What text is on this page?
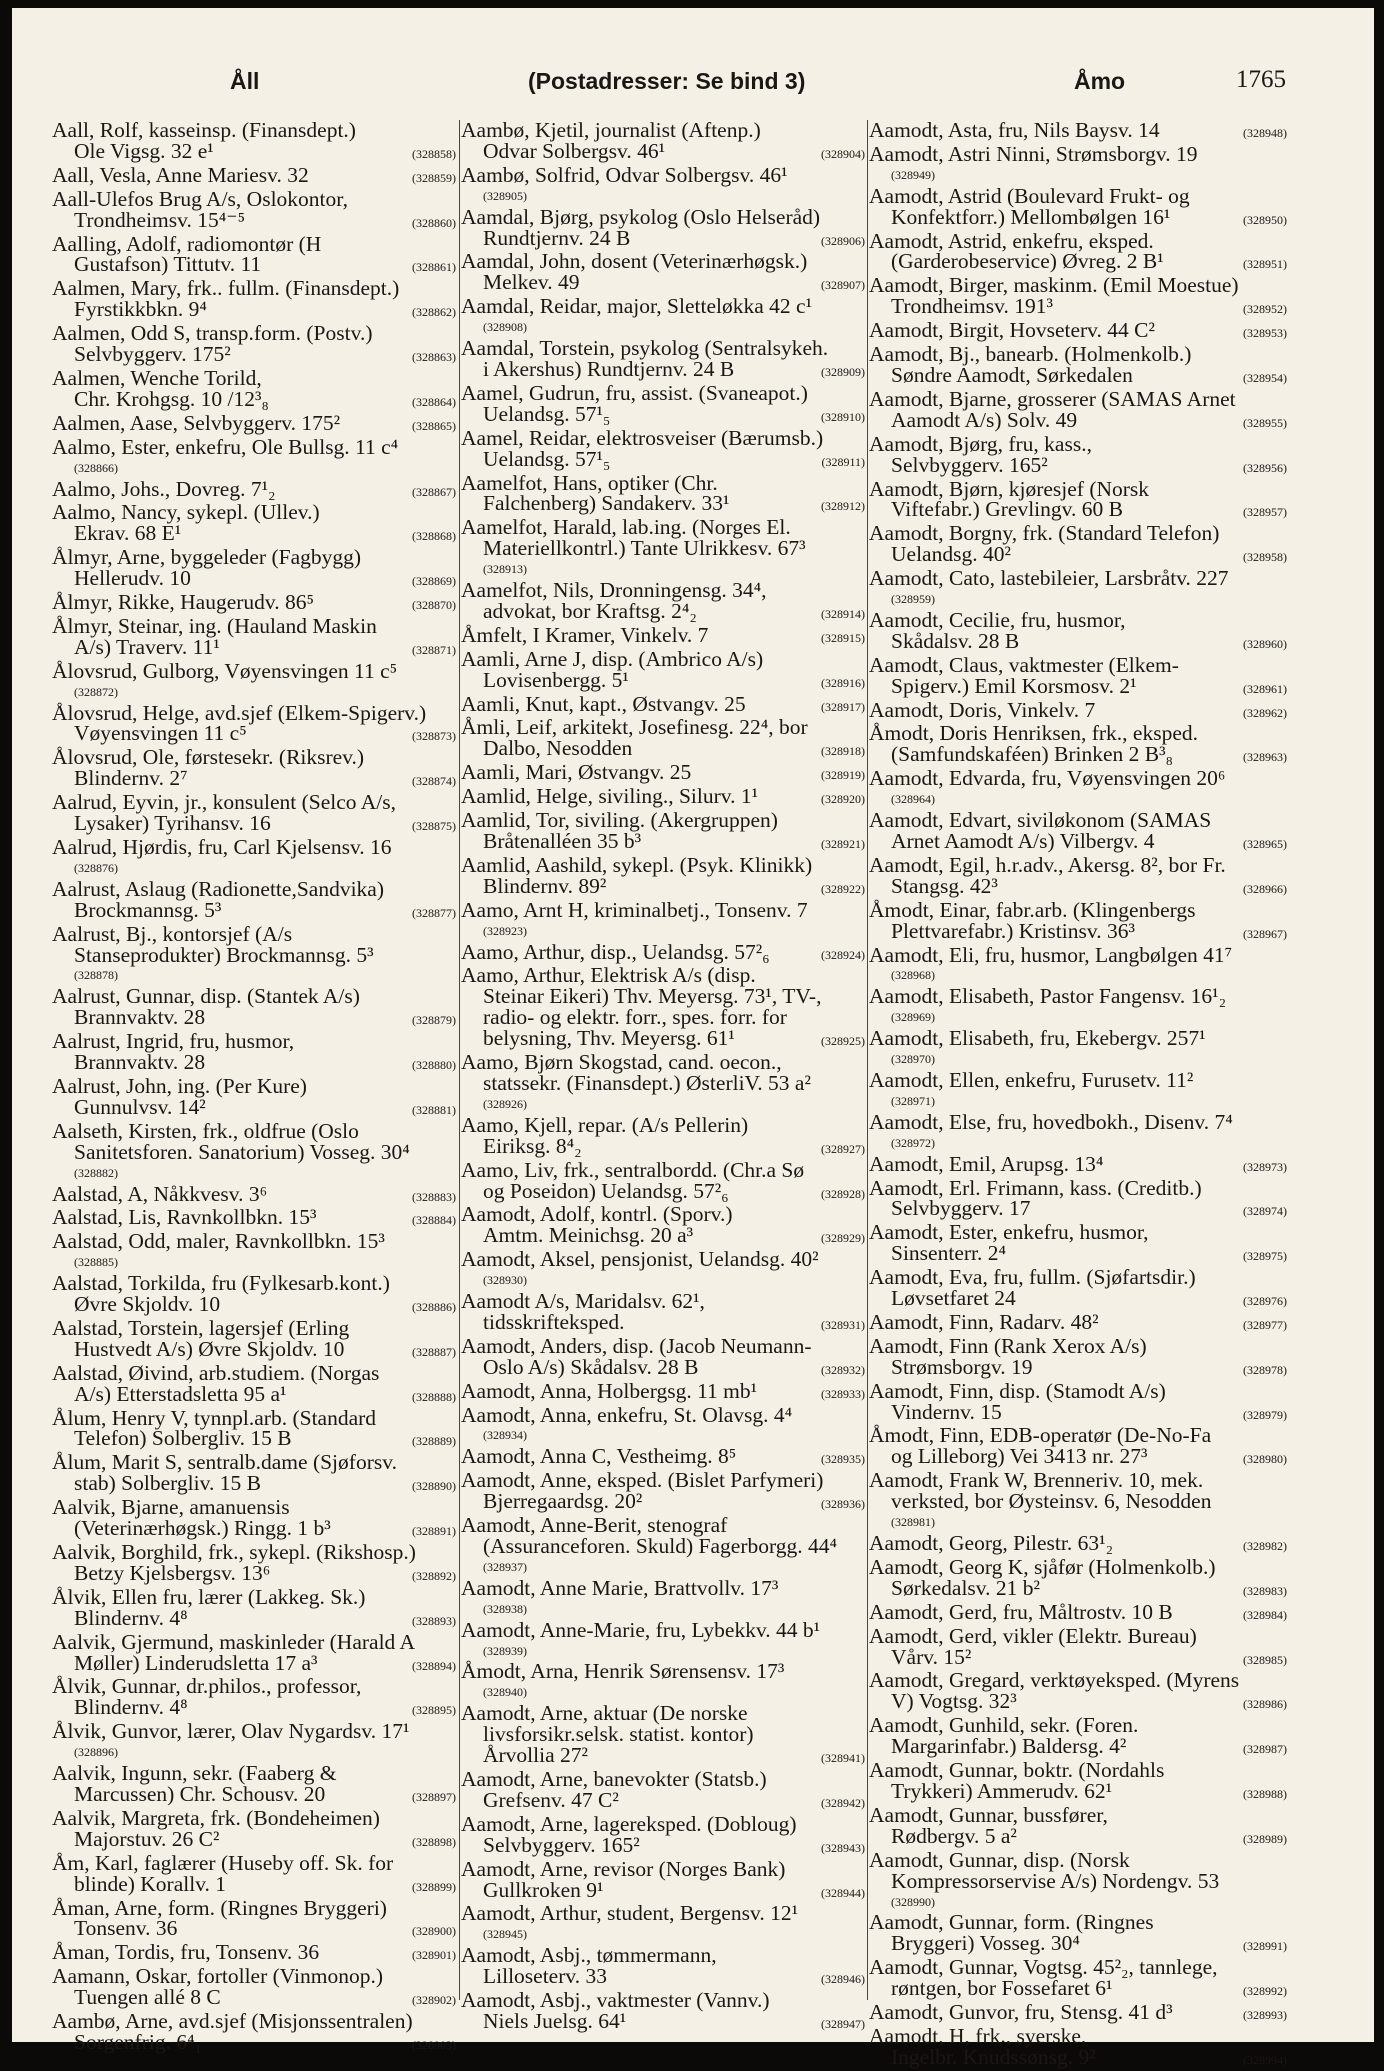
Åll	(Postadresser: Se bind 3)	Åmo	1765
Aall, Rolf, kasseinsp. (Finansdept.)
Ole Vigsg. 32 e¹	(328858)
Aall, Vesla, Anne Mariesv. 32	(328859)
Aall-Ulefos Brug A/s, Oslokontor,
Trondheimsv. 15⁴⁻⁵	(328860)
Aalling, Adolf, radiomontør (H
Gustafson) Tittutv. 11	(328861)
Aalmen, Mary, frk.. fullm. (Finansdept.)
Fyrstikkbkn. 9⁴	(328862)
Aalmen, Odd S, transp.form. (Postv.)
Selvbyggerv. 175²	(328863)
Aalmen, Wenche Torild,
Chr. Krohgsg. 10 /12³₈	(328864)
Aalmen, Aase, Selvbyggerv. 175²	(328865)
Aalmo, Ester, enkefru, Ole Bullsg. 11 c⁴
(328866)
Aalmo, Johs., Dovreg. 7¹₂	(328867)
Aalmo, Nancy, sykepl. (Ullev.)
Ekrav. 68 E¹	(328868)
Ålmyr, Arne, byggeleder (Fagbygg)
Hellerudv. 10	(328869)
Ålmyr, Rikke, Haugerudv. 86⁵	(328870)
Ålmyr, Steinar, ing. (Hauland Maskin
A/s) Traverv. 11¹	(328871)
Ålovsrud, Gulborg, Vøyensvingen 11 c⁵
(328872)
Ålovsrud, Helge, avd.sjef (Elkem-Spigerv.)
Vøyensvingen 11 c⁵	(328873)
Ålovsrud, Ole, førstesekr. (Riksrev.)
Blindernv. 2⁷	(328874)
Aalrud, Eyvin, jr., konsulent (Selco A/s,
Lysaker) Tyrihansv. 16	(328875)
Aalrud, Hjørdis, fru, Carl Kjelsensv. 16
(328876)
Aalrust, Aslaug (Radionette,Sandvika)
Brockmannsg. 5³	(328877)
Aalrust, Bj., kontorsjef (A/s
Stanseprodukter) Brockmannsg. 5³
(328878)
Aalrust, Gunnar, disp. (Stantek A/s)
Brannvaktv. 28	(328879)
Aalrust, Ingrid, fru, husmor,
Brannvaktv. 28	(328880)
Aalrust, John, ing. (Per Kure)
Gunnulvsv. 14²	(328881)
Aalseth, Kirsten, frk., oldfrue (Oslo
Sanitetsforen. Sanatorium) Vosseg. 30⁴
(328882)
Aalstad, A, Nåkkvesv. 3⁶	(328883)
Aalstad, Lis, Ravnkollbkn. 15³	(328884)
Aalstad, Odd, maler, Ravnkollbkn. 15³
(328885)
Aalstad, Torkilda, fru (Fylkesarb.kont.)
Øvre Skjoldv. 10	(328886)
Aalstad, Torstein, lagersjef (Erling
Hustvedt A/s) Øvre Skjoldv. 10	(328887)
Aalstad, Øivind, arb.studiem. (Norgas
A/s) Etterstadsletta 95 a¹	(328888)
Ålum, Henry V, tynnpl.arb. (Standard
Telefon) Solbergliv. 15 B	(328889)
Ålum, Marit S, sentralb.dame (Sjøforsv.
stab) Solbergliv. 15 B	(328890)
Aalvik, Bjarne, amanuensis
(Veterinærhøgsk.) Ringg. 1 b³	(328891)
Aalvik, Borghild, frk., sykepl. (Rikshosp.)
Betzy Kjelsbergsv. 13⁶	(328892)
Ålvik, Ellen fru, lærer (Lakkeg. Sk.)
Blindernv. 4⁸	(328893)
Aalvik, Gjermund, maskinleder (Harald A
Møller) Linderudsletta 17 a³	(328894)
Ålvik, Gunnar, dr.philos., professor,
Blindernv. 4⁸	(328895)
Ålvik, Gunvor, lærer, Olav Nygardsv. 17¹
(328896)
Aalvik, Ingunn, sekr. (Faaberg &
Marcussen) Chr. Schousv. 20	(328897)
Aalvik, Margreta, frk. (Bondeheimen)
Majorstuv. 26 C²	(328898)
Åm, Karl, faglærer (Huseby off. Sk. for
blinde) Korallv. 1	(328899)
Åman, Arne, form. (Ringnes Bryggeri)
Tonsenv. 36	(328900)
Åman, Tordis, fru, Tonsenv. 36	(328901)
Aamann, Oskar, fortoller (Vinmonop.)
Tuengen allé 8 C	(328902)
Aambø, Arne, avd.sjef (Misjonssentralen)
Sorgenfrig. 6⁴₁	(328903)
Aambø, Kjetil, journalist (Aftenp.)
Odvar Solbergsv. 46¹	(328904)
Aambø, Solfrid, Odvar Solbergsv. 46¹
(328905)
Aamdal, Bjørg, psykolog (Oslo Helseråd)
Rundtjernv. 24 B	(328906)
Aamdal, John, dosent (Veterinærhøgsk.)
Melkev. 49	(328907)
Aamdal, Reidar, major, Sletteløkka 42 c¹
(328908)
Aamdal, Torstein, psykolog (Sentralsykeh.
i Akershus) Rundtjernv. 24 B	(328909)
Aamel, Gudrun, fru, assist. (Svaneapot.)
Uelandsg. 57¹₅	(328910)
Aamel, Reidar, elektrosveiser (Bærumsb.)
Uelandsg. 57¹₅	(328911)
Aamelfot, Hans, optiker (Chr.
Falchenberg) Sandakerv. 33¹	(328912)
Aamelfot, Harald, lab.ing. (Norges El.
Materiellkontrl.) Tante Ulrikkesv. 67³
(328913)
Aamelfot, Nils, Dronningensg. 34⁴,
advokat, bor Kraftsg. 2⁴₂	(328914)
Åmfelt, I Kramer, Vinkelv. 7	(328915)
Aamli, Arne J, disp. (Ambrico A/s)
Lovisenbergg. 5¹	(328916)
Aamli, Knut, kapt., Østvangv. 25	(328917)
Åmli, Leif, arkitekt, Josefinesg. 22⁴, bor
Dalbo, Nesodden	(328918)
Aamli, Mari, Østvangv. 25	(328919)
Aamlid, Helge, siviling., Silurv. 1¹	(328920)
Aamlid, Tor, siviling. (Akergruppen)
Bråtenalléen 35 b³	(328921)
Aamlid, Aashild, sykepl. (Psyk. Klinikk)
Blindernv. 89²	(328922)
Aamo, Arnt H, kriminalbetj., Tonsenv. 7
(328923)
Aamo, Arthur, disp., Uelandsg. 57²₆	(328924)
Aamo, Arthur, Elektrisk A/s (disp.
Steinar Eikeri) Thv. Meyersg. 73¹, TV-,
radio- og elektr. forr., spes. forr. for
belysning, Thv. Meyersg. 61¹	(328925)
Aamo, Bjørn Skogstad, cand. oecon.,
statssekr. (Finansdept.) ØsterliV. 53 a²
(328926)
Aamo, Kjell, repar. (A/s Pellerin)
Eiriksg. 8⁴₂	(328927)
Aamo, Liv, frk., sentralbordd. (Chr.a Sø
og Poseidon) Uelandsg. 57²₆	(328928)
Aamodt, Adolf, kontrl. (Sporv.)
Amtm. Meinichsg. 20 a³	(328929)
Aamodt, Aksel, pensjonist, Uelandsg. 40²
(328930)
Aamodt A/s, Maridalsv. 62¹,
tidsskrifteksped.	(328931)
Aamodt, Anders, disp. (Jacob Neumann-
Oslo A/s) Skådalsv. 28 B	(328932)
Aamodt, Anna, Holbergsg. 11 mb¹	(328933)
Aamodt, Anna, enkefru, St. Olavsg. 4⁴
(328934)
Aamodt, Anna C, Vestheimg. 8⁵	(328935)
Aamodt, Anne, eksped. (Bislet Parfymeri)
Bjerregaardsg. 20²	(328936)
Aamodt, Anne-Berit, stenograf
(Assuranceforen. Skuld) Fagerborgg. 44⁴
(328937)
Aamodt, Anne Marie, Brattvollv. 17³
(328938)
Aamodt, Anne-Marie, fru, Lybekkv. 44 b¹
(328939)
Åmodt, Arna, Henrik Sørensensv. 17³
(328940)
Aamodt, Arne, aktuar (De norske
livsforsikr.selsk. statist. kontor)
Årvollia 27²	(328941)
Aamodt, Arne, banevokter (Statsb.)
Grefsenv. 47 C²	(328942)
Aamodt, Arne, lagereksped. (Dobloug)
Selvbyggerv. 165²	(328943)
Aamodt, Arne, revisor (Norges Bank)
Gullkroken 9¹	(328944)
Aamodt, Arthur, student, Bergensv. 12¹
(328945)
Aamodt, Asbj., tømmermann,
Lilloseterv. 33	(328946)
Aamodt, Asbj., vaktmester (Vannv.)
Niels Juelsg. 64¹	(328947)
Aamodt, Asta, fru, Nils Baysv. 14	(328948)
Aamodt, Astri Ninni, Strømsborgv. 19
(328949)
Aamodt, Astrid (Boulevard Frukt- og
Konfektforr.) Mellombølgen 16¹	(328950)
Aamodt, Astrid, enkefru, eksped.
(Garderobeservice) Øvreg. 2 B¹	(328951)
Aamodt, Birger, maskinm. (Emil Moestue)
Trondheimsv. 191³	(328952)
Aamodt, Birgit, Hovseterv. 44 C²	(328953)
Aamodt, Bj., banearb. (Holmenkolb.)
Søndre Aamodt, Sørkedalen	(328954)
Aamodt, Bjarne, grosserer (SAMAS Arnet
Aamodt A/s) Solv. 49	(328955)
Aamodt, Bjørg, fru, kass.,
Selvbyggerv. 165²	(328956)
Aamodt, Bjørn, kjøresjef (Norsk
Viftefabr.) Grevlingv. 60 B	(328957)
Aamodt, Borgny, frk. (Standard Telefon)
Uelandsg. 40²	(328958)
Aamodt, Cato, lastebileier, Larsbråtv. 227
(328959)
Aamodt, Cecilie, fru, husmor,
Skådalsv. 28 B	(328960)
Aamodt, Claus, vaktmester (Elkem-
Spigerv.) Emil Korsmosv. 2¹	(328961)
Aamodt, Doris, Vinkelv. 7	(328962)
Åmodt, Doris Henriksen, frk., eksped.
(Samfundskaféen) Brinken 2 B³₈	(328963)
Aamodt, Edvarda, fru, Vøyensvingen 20⁶
(328964)
Aamodt, Edvart, siviløkonom (SAMAS
Arnet Aamodt A/s) Vilbergv. 4	(328965)
Aamodt, Egil, h.r.adv., Akersg. 8², bor Fr.
Stangsg. 42³	(328966)
Åmodt, Einar, fabr.arb. (Klingenbergs
Plettvarefabr.) Kristinsv. 36³	(328967)
Aamodt, Eli, fru, husmor, Langbølgen 41⁷
(328968)
Aamodt, Elisabeth, Pastor Fangensv. 16¹₂
(328969)
Aamodt, Elisabeth, fru, Ekebergv. 257¹
(328970)
Aamodt, Ellen, enkefru, Furusetv. 11²
(328971)
Aamodt, Else, fru, hovedbokh., Disenv. 7⁴
(328972)
Aamodt, Emil, Arupsg. 13⁴	(328973)
Aamodt, Erl. Frimann, kass. (Creditb.)
Selvbyggerv. 17	(328974)
Aamodt, Ester, enkefru, husmor,
Sinsenterr. 2⁴	(328975)
Aamodt, Eva, fru, fullm. (Sjøfartsdir.)
Løvsetfaret 24	(328976)
Aamodt, Finn, Radarv. 48²	(328977)
Aamodt, Finn (Rank Xerox A/s)
Strømsborgv. 19	(328978)
Aamodt, Finn, disp. (Stamodt A/s)
Vindernv. 15	(328979)
Åmodt, Finn, EDB-operatør (De-No-Fa
og Lilleborg) Vei 3413 nr. 27³	(328980)
Aamodt, Frank W, Brenneriv. 10, mek.
verksted, bor Øysteinsv. 6, Nesodden
(328981)
Aamodt, Georg, Pilestr. 63¹₂	(328982)
Aamodt, Georg K, sjåfør (Holmenkolb.)
Sørkedalsv. 21 b²	(328983)
Aamodt, Gerd, fru, Måltrostv. 10 B	(328984)
Aamodt, Gerd, vikler (Elektr. Bureau)
Vårv. 15²	(328985)
Aamodt, Gregard, verktøyeksped. (Myrens
V) Vogtsg. 32³	(328986)
Aamodt, Gunhild, sekr. (Foren.
Margarinfabr.) Baldersg. 4²	(328987)
Aamodt, Gunnar, boktr. (Nordahls
Trykkeri) Ammerudv. 62¹	(328988)
Aamodt, Gunnar, bussfører,
Rødbergv. 5 a²	(328989)
Aamodt, Gunnar, disp. (Norsk
Kompressorservise A/s) Nordengv. 53
(328990)
Aamodt, Gunnar, form. (Ringnes
Bryggeri) Vosseg. 30⁴	(328991)
Aamodt, Gunnar, Vogtsg. 45²₂, tannlege,
røntgen, bor Fossefaret 6¹	(328992)
Aamodt, Gunvor, fru, Stensg. 41 d³	(328993)
Aamodt, H, frk., syerske,
Ingelbr. Knudssønsg. 9²	(328994)
